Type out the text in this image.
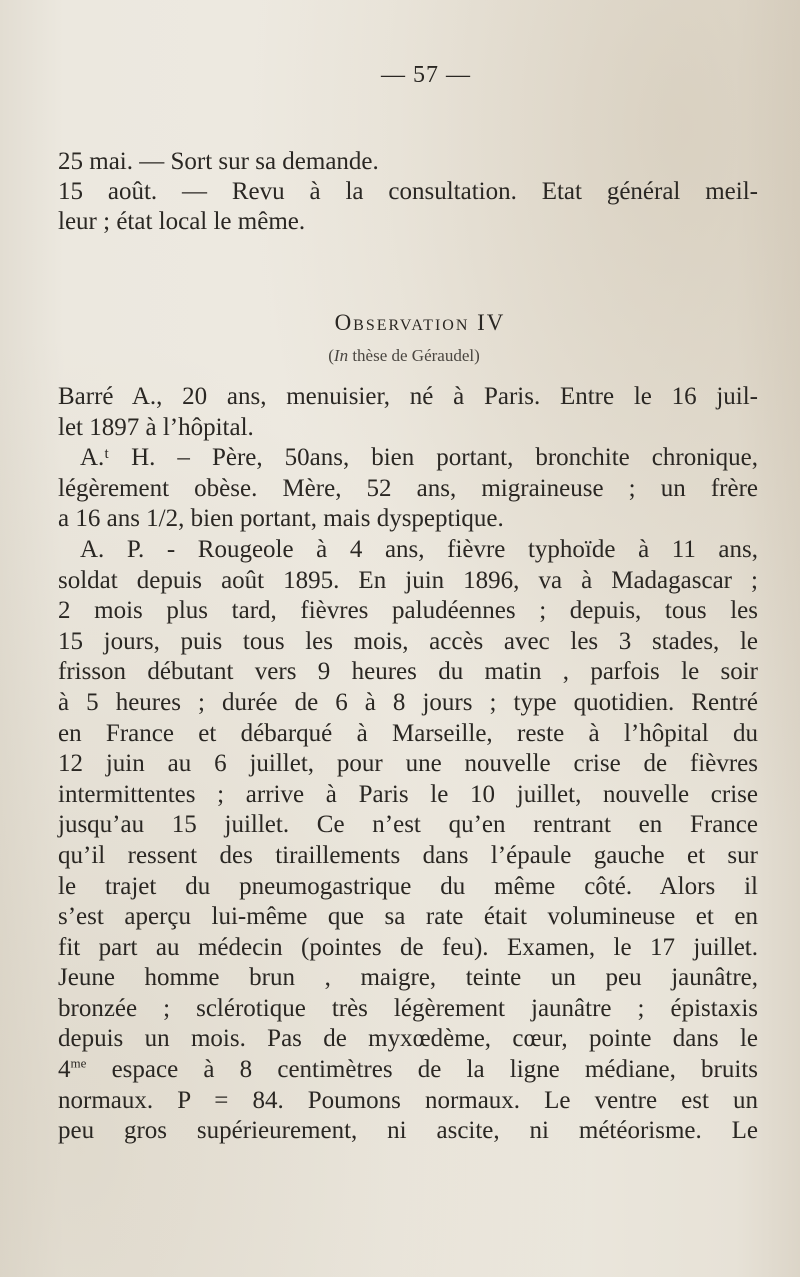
— 57 —
25 mai. — Sort sur sa demande.
15 août. — Revu à la consultation. Etat général meil-
leur ; état local le même.
Observation IV
(In thèse de Géraudel)
Barré A., 20 ans, menuisier, né à Paris. Entre le 16 juil-
let 1897 à l’hôpital.
A.ᵗ H. – Père, 50ans, bien portant, bronchite chronique,
légèrement obèse. Mère, 52 ans, migraineuse ; un frère
a 16 ans 1/2, bien portant, mais dyspeptique.
A. P. - Rougeole à 4 ans, fièvre typhoïde à 11 ans,
soldat depuis août 1895. En juin 1896, va à Madagascar ;
2 mois plus tard, fièvres paludéennes ; depuis, tous les
15 jours, puis tous les mois, accès avec les 3 stades, le
frisson débutant vers 9 heures du matin , parfois le soir
à 5 heures ; durée de 6 à 8 jours ; type quotidien. Rentré
en France et débarqué à Marseille, reste à l’hôpital du
12 juin au 6 juillet, pour une nouvelle crise de fièvres
intermittentes ; arrive à Paris le 10 juillet, nouvelle crise
jusqu’au 15 juillet. Ce n’est qu’en rentrant en France
qu’il ressent des tiraillements dans l’épaule gauche et sur
le trajet du pneumogastrique du même côté. Alors il
s’est aperçu lui-même que sa rate était volumineuse et en
fit part au médecin (pointes de feu). Examen, le 17 juillet.
Jeune homme brun , maigre, teinte un peu jaunâtre,
bronzée ; sclérotique très légèrement jaunâtre ; épistaxis
depuis un mois. Pas de myxœdème, cœur, pointe dans le
$4^{me}$ espace à 8 centimètres de la ligne médiane, bruits
normaux. P = 84. Poumons normaux. Le ventre est un
peu gros supérieurement, ni ascite, ni météorisme. Le
